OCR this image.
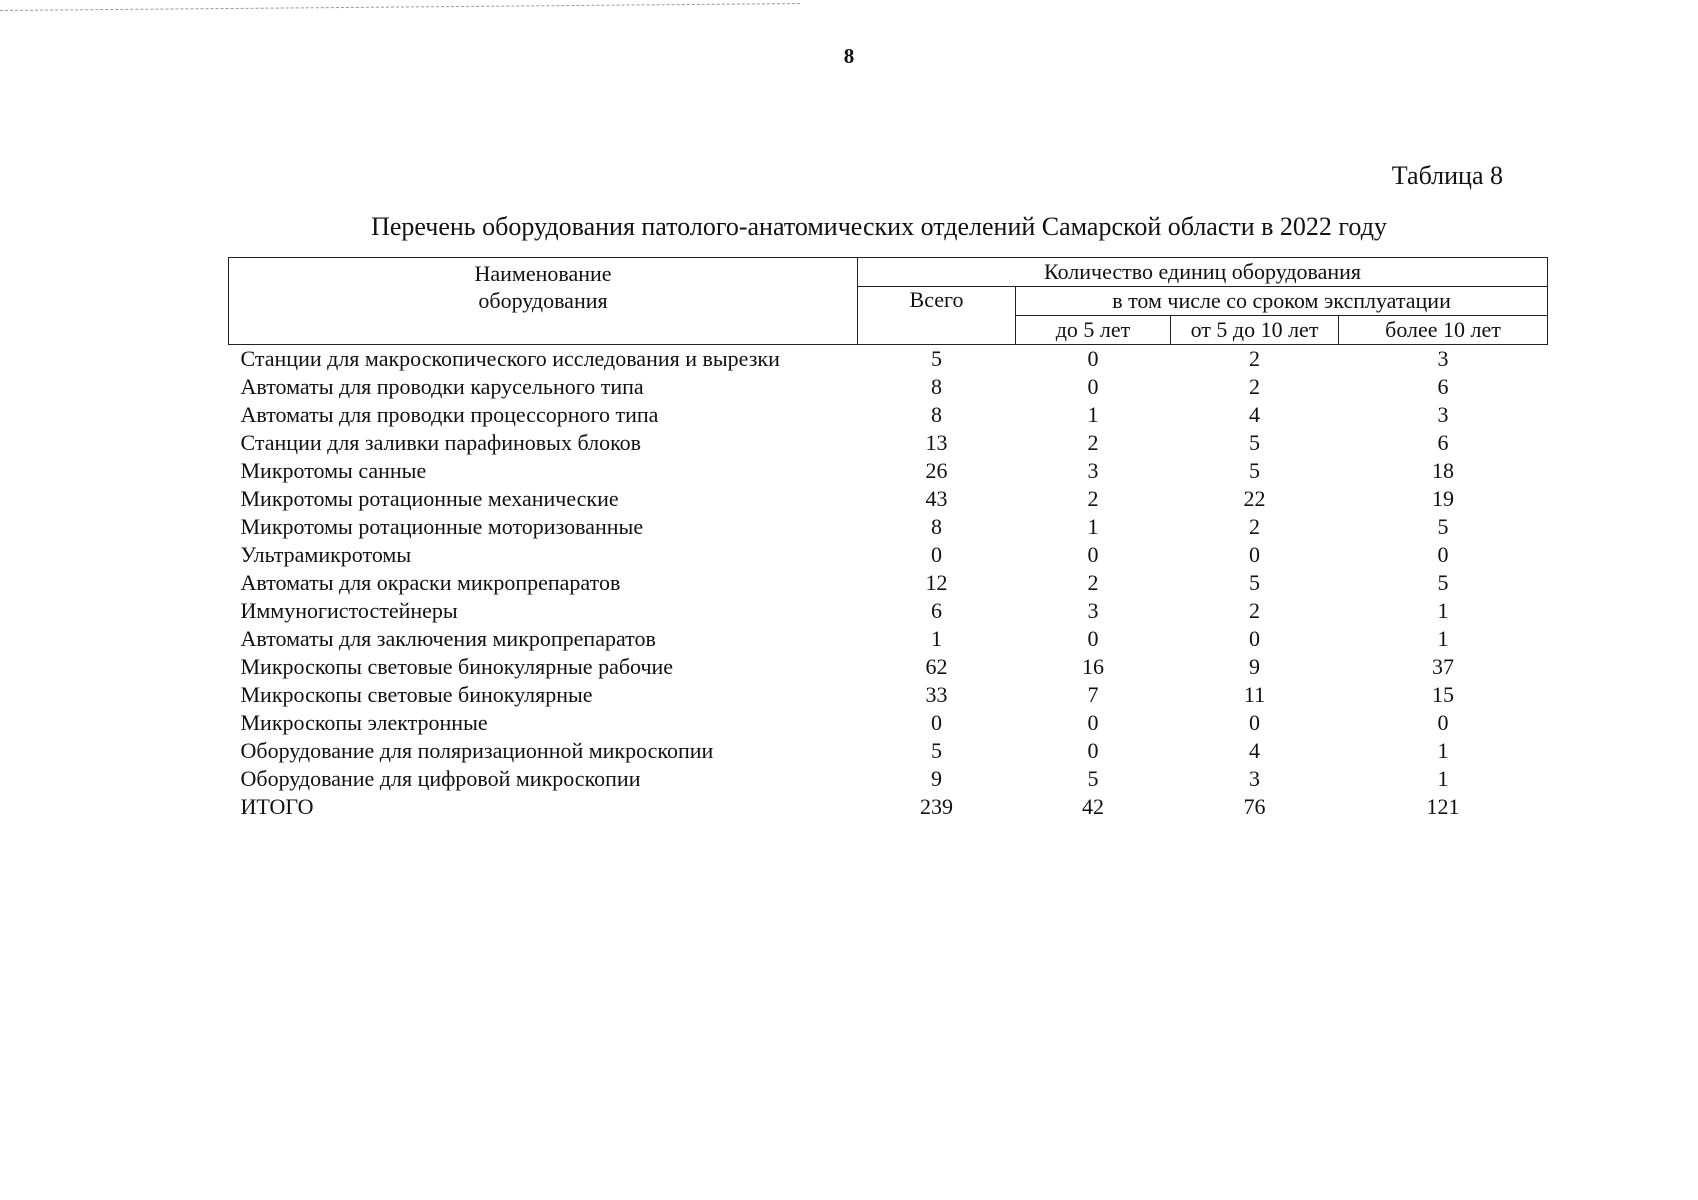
8
Таблица 8
Перечень оборудования патолого-анатомических отделений Самарской области в 2022 году
Наименование
оборудования	Количество единиц оборудования			
	Всего	в том числе со сроком эксплуатации		
		до 5 лет	от 5 до 10 лет	более 10 лет
Станции для макроскопического исследования и вырезки	5	0	2	3
Автоматы для проводки карусельного типа	8	0	2	6
Автоматы для проводки процессорного типа	8	1	4	3
Станции для заливки парафиновых блоков	13	2	5	6
Микротомы санные	26	3	5	18
Микротомы ротационные механические	43	2	22	19
Микротомы ротационные моторизованные	8	1	2	5
Ультрамикротомы	0	0	0	0
Автоматы для окраски микропрепаратов	12	2	5	5
Иммуногистостейнеры	6	3	2	1
Автоматы для заключения микропрепаратов	1	0	0	1
Микроскопы световые бинокулярные рабочие	62	16	9	37
Микроскопы световые бинокулярные	33	7	11	15
Микроскопы электронные	0	0	0	0
Оборудование для поляризационной микроскопии	5	0	4	1
Оборудование для цифровой микроскопии	9	5	3	1
ИТОГО	239	42	76	121
